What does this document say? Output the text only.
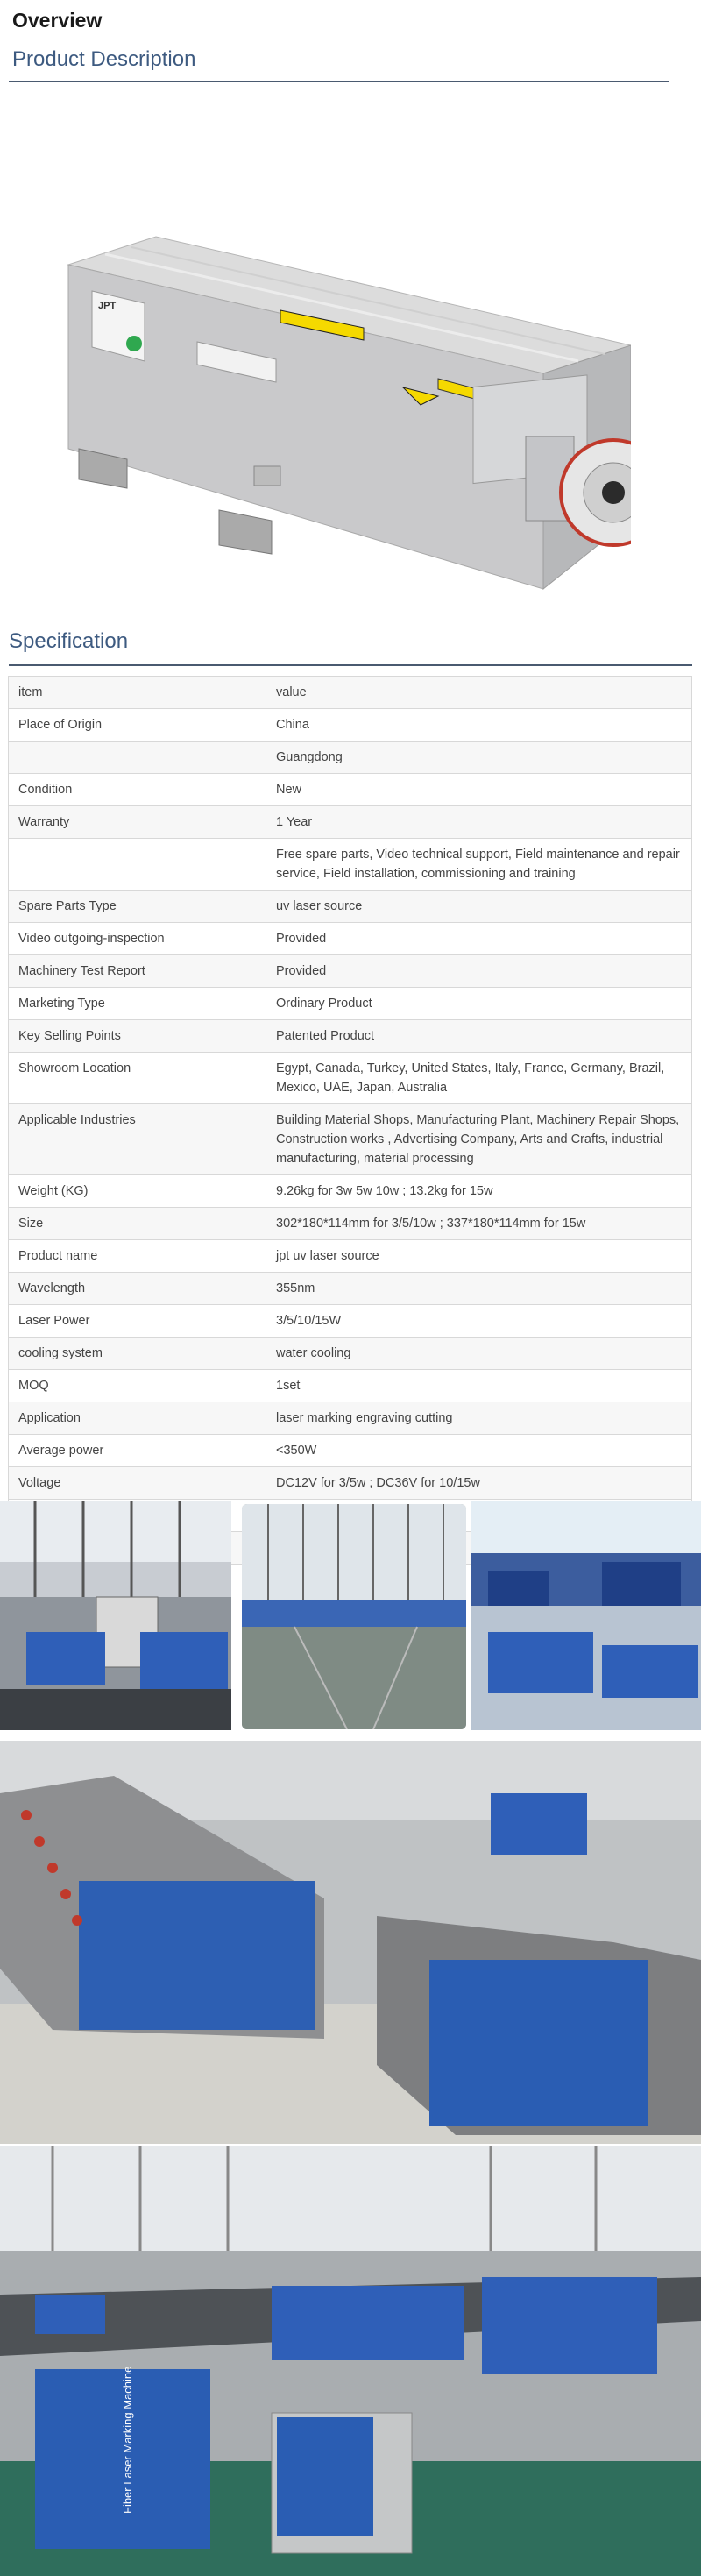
Overview
Product Description
JPT
Specification
item	value
Place of Origin	China
	Guangdong
Condition	New
Warranty	1 Year
	Free spare parts, Video technical support, Field maintenance and repair service, Field installation, commissioning and training
Spare Parts Type	uv laser source
Video outgoing-inspection	Provided
Machinery Test Report	Provided
Marketing Type	Ordinary Product
Key Selling Points	Patented Product
Showroom Location	Egypt, Canada, Turkey, United States, Italy, France, Germany, Brazil, Mexico, UAE, Japan, Australia
Applicable Industries	Building Material Shops, Manufacturing Plant, Machinery Repair Shops, Construction works , Advertising Company, Arts and Crafts, industrial manufacturing, material processing
Weight (KG)	9.26kg for 3w 5w 10w ; 13.2kg for 15w
Size	302*180*114mm for 3/5/10w ; 337*180*114mm for 15w
Product name	jpt uv laser source
Wavelength	355nm
Laser Power	3/5/10/15W
cooling system	water cooling
MOQ	1set
Application	laser marking engraving cutting
Average power	<350W
Voltage	DC12V for 3/5w ; DC36V for 10/15w

Fiber Laser Marking Machine
